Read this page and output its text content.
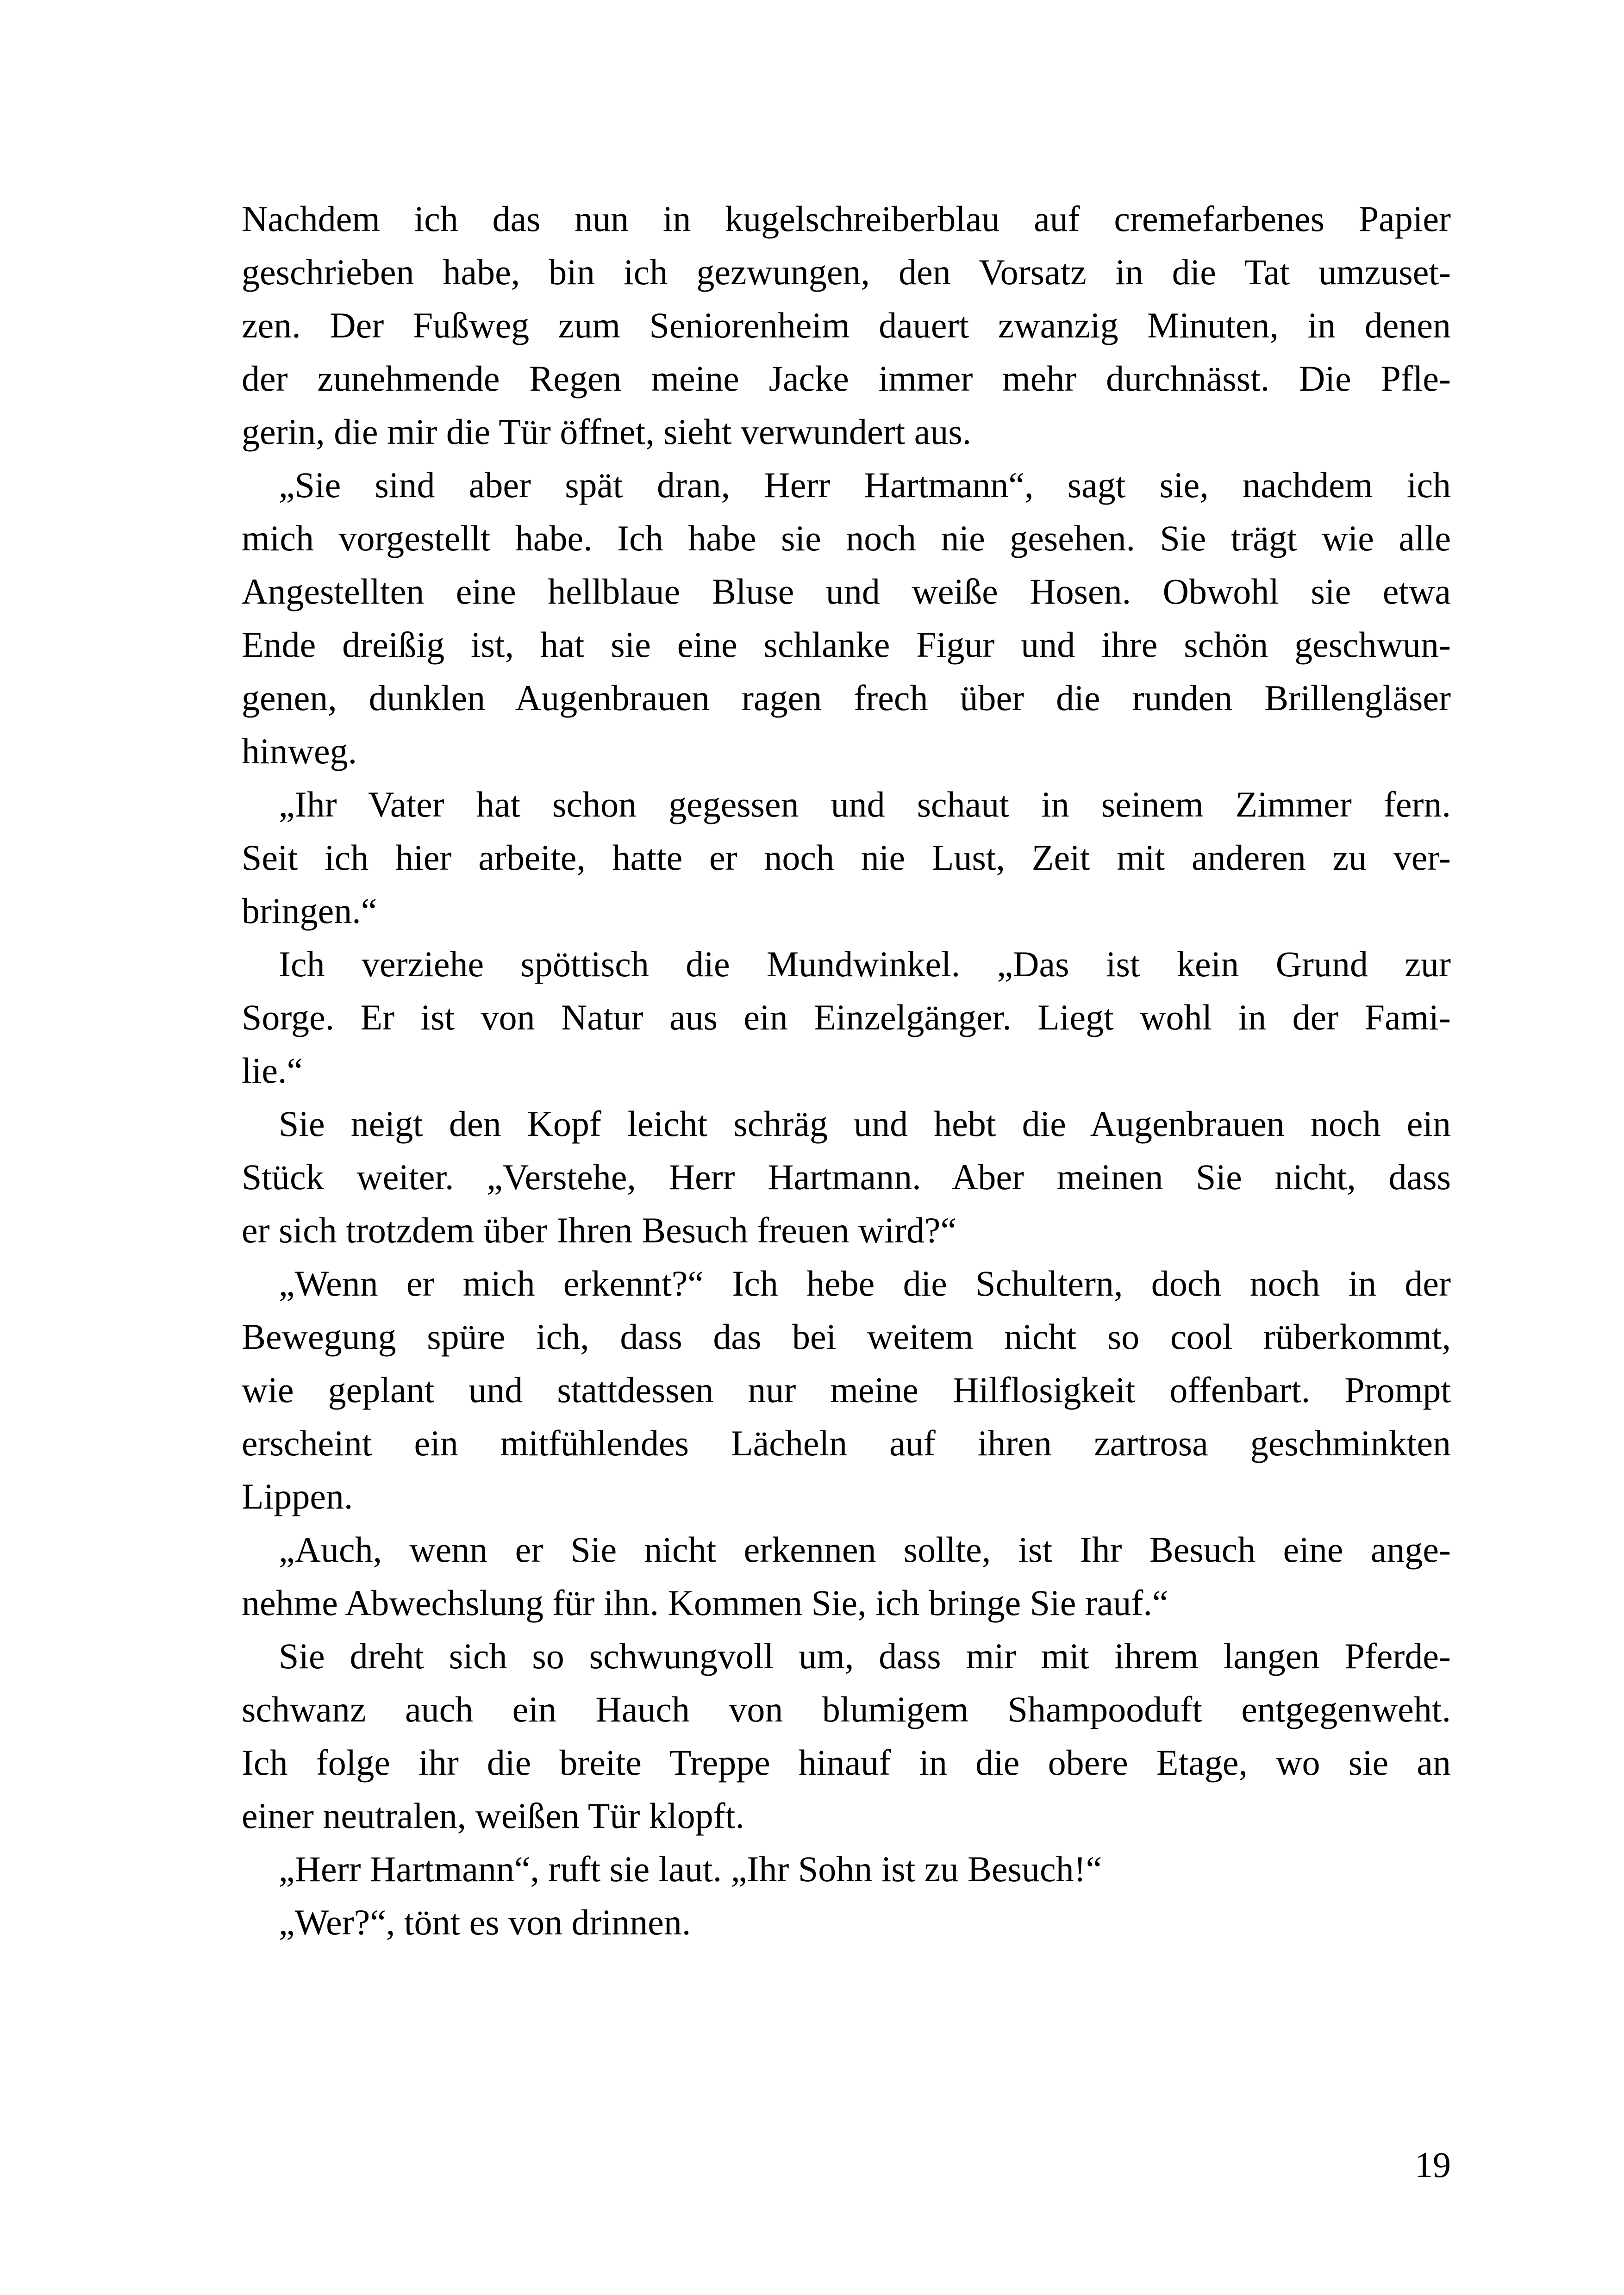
Nachdem ich das nun in kugelschreiberblau auf cremefarbenes Papier
geschrieben habe, bin ich gezwungen, den Vorsatz in die Tat umzuset-
zen. Der Fußweg zum Seniorenheim dauert zwanzig Minuten, in denen
der zunehmende Regen meine Jacke immer mehr durchnässt. Die Pfle-
gerin, die mir die Tür öffnet, sieht verwundert aus.

„Sie sind aber spät dran, Herr Hartmann“, sagt sie, nachdem ich
mich vorgestellt habe. Ich habe sie noch nie gesehen. Sie trägt wie alle
Angestellten eine hellblaue Bluse und weiße Hosen. Obwohl sie etwa
Ende dreißig ist, hat sie eine schlanke Figur und ihre schön geschwun-
genen, dunklen Augenbrauen ragen frech über die runden Brillengläser
hinweg.

„Ihr Vater hat schon gegessen und schaut in seinem Zimmer fern.
Seit ich hier arbeite, hatte er noch nie Lust, Zeit mit anderen zu ver-
bringen.“

Ich verziehe spöttisch die Mundwinkel. „Das ist kein Grund zur
Sorge. Er ist von Natur aus ein Einzelgänger. Liegt wohl in der Fami-
lie.“

Sie neigt den Kopf leicht schräg und hebt die Augenbrauen noch ein
Stück weiter. „Verstehe, Herr Hartmann. Aber meinen Sie nicht, dass
er sich trotzdem über Ihren Besuch freuen wird?“

„Wenn er mich erkennt?“ Ich hebe die Schultern, doch noch in der
Bewegung spüre ich, dass das bei weitem nicht so cool rüberkommt,
wie geplant und stattdessen nur meine Hilflosigkeit offenbart. Prompt
erscheint ein mitfühlendes Lächeln auf ihren zartrosa geschminkten
Lippen.

„Auch, wenn er Sie nicht erkennen sollte, ist Ihr Besuch eine ange-
nehme Abwechslung für ihn. Kommen Sie, ich bringe Sie rauf.“

Sie dreht sich so schwungvoll um, dass mir mit ihrem langen Pferde-
schwanz auch ein Hauch von blumigem Shampooduft entgegenweht.
Ich folge ihr die breite Treppe hinauf in die obere Etage, wo sie an
einer neutralen, weißen Tür klopft.

„Herr Hartmann“, ruft sie laut. „Ihr Sohn ist zu Besuch!“

„Wer?“, tönt es von drinnen.

19
